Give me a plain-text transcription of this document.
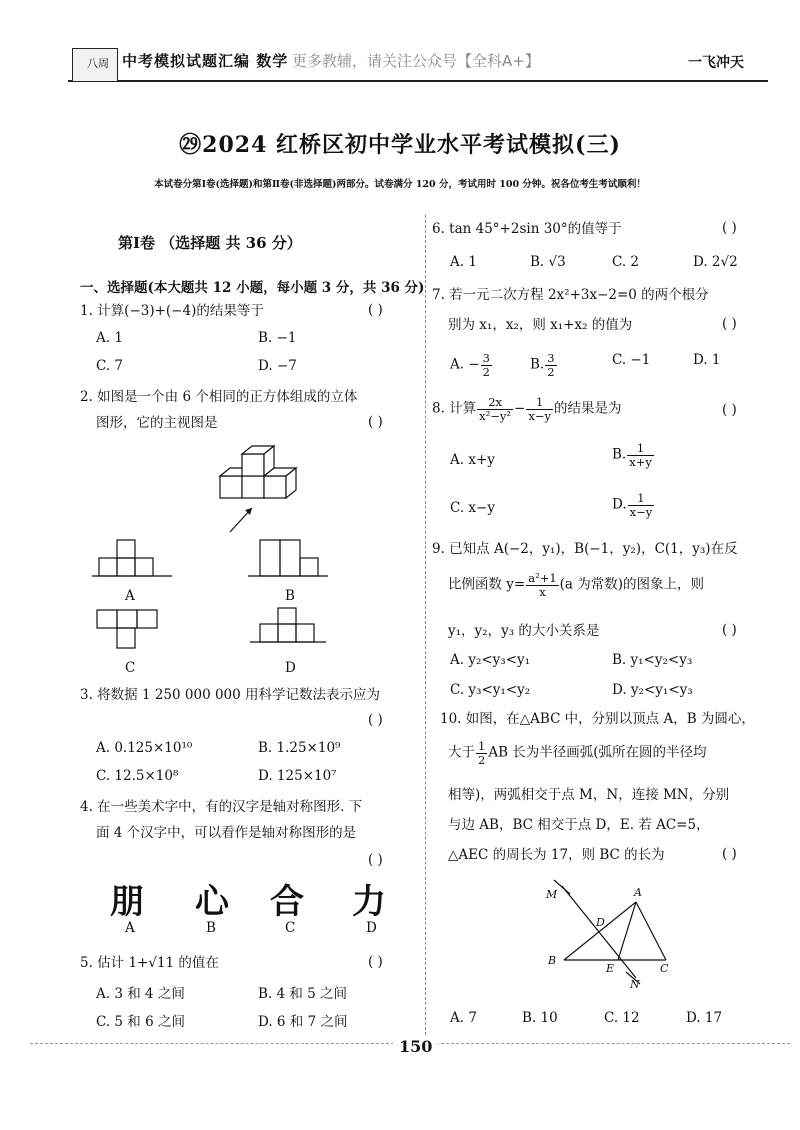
八周 中考模拟试题汇编 数学 更多教辅，请关注公众号【全科A+】	一飞冲天
㉙2024 红桥区初中学业水平考试模拟(三)
本试卷分第Ⅰ卷(选择题)和第Ⅱ卷(非选择题)两部分。试卷满分 120 分，考试用时 100 分钟。祝各位考生考试顺利！
第Ⅰ卷 （选择题 共 36 分）
一、选择题(本大题共 12 小题，每小题 3 分，共 36 分)
1. 计算(−3)+(−4)的结果等于	( )
A. 1	B. −1
C. 7	D. −7
2. 如图是一个由 6 个相同的正方体组成的立体
图形，它的主视图是	( )
A	B
C	D
3. 将数据 1 250 000 000 用科学记数法表示应为
( )
A. 0.125×10¹⁰	B. 1.25×10⁹
C. 12.5×10⁸	D. 125×10⁷
4. 在一些美术字中，有的汉字是轴对称图形. 下
面 4 个汉字中，可以看作是轴对称图形的是
( )
朋 心 合 力
A	B	C	D
5. 估计 1+√11 的值在	( )
A. 3 和 4 之间	B. 4 和 5 之间
C. 5 和 6 之间	D. 6 和 7 之间
6. tan 45°+2sin 30°的值等于	( )
A. 1	B. √3	C. 2	D. 2√2
7. 若一元二次方程 2x²+3x−2=0 的两个根分
别为 x₁，x₂，则 x₁+x₂ 的值为	( )
A. − $\frac{3}{2}$	B. $\frac{3}{2}$	C. −1	D. 1
8. 计算 $\frac{2x}{\text{x²−y²}} - \frac{1}{x-y}$ 的结果是为	( )
A. x+y	B. $\frac{1}{x+y}$
C. x−y	D. $\frac{1}{x-y}$
9. 已知点 A(−2，y₁)，B(−1，y₂)，C(1，y₃)在反
比例函数 $y= \frac{\text{a²+1}}{x} (a$ 为常数)的图象上，则
y₁，y₂，y₃ 的大小关系是	( )
A. y₂<y₃<y₁	B. y₁<y₂<y₃
C. y₃<y₁<y₂	D. y₂<y₁<y₃
10. 如图，在△ABC 中，分别以顶点 A，B 为圆心，
大于 $\frac{1}{2}$ AB 长为半径画弧(弧所在圆的半径均
相等)，两弧相交于点 M，N，连接 MN，分别
与边 AB，BC 相交于点 D，E. 若 AC=5，
△AEC 的周长为 17，则 BC 的长为	( )
M	A
D
B
E	C
N
A. 7	B. 10	C. 12	D. 17
150
